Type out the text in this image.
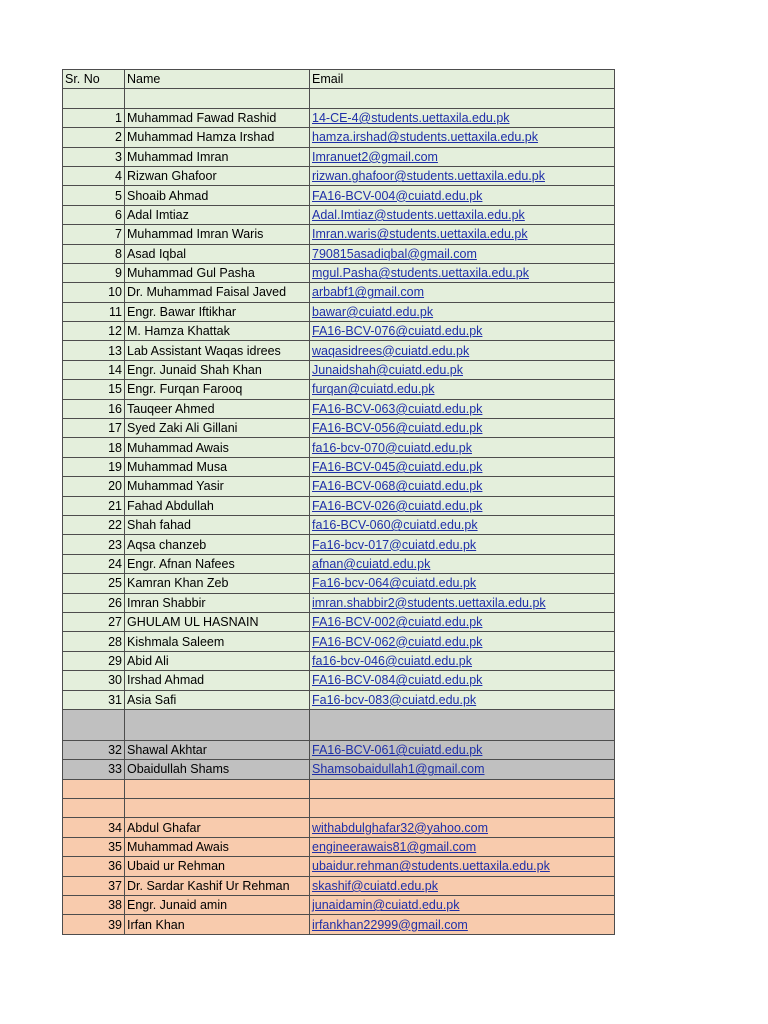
Sr. No	Name	Email

1	Muhammad Fawad Rashid	14-CE-4@students.uettaxila.edu.pk
2	Muhammad Hamza Irshad	hamza.irshad@students.uettaxila.edu.pk
3	Muhammad Imran	Imranuet2@gmail.com
4	Rizwan Ghafoor	rizwan.ghafoor@students.uettaxila.edu.pk
5	Shoaib Ahmad	FA16-BCV-004@cuiatd.edu.pk
6	Adal Imtiaz	Adal.Imtiaz@students.uettaxila.edu.pk
7	Muhammad Imran Waris	Imran.waris@students.uettaxila.edu.pk
8	Asad Iqbal	790815asadiqbal@gmail.com
9	Muhammad Gul Pasha	mgul.Pasha@students.uettaxila.edu.pk
10	Dr. Muhammad Faisal Javed	arbabf1@gmail.com
11	Engr. Bawar Iftikhar	bawar@cuiatd.edu.pk
12	M. Hamza Khattak	FA16-BCV-076@cuiatd.edu.pk
13	Lab Assistant Waqas idrees	waqasidrees@cuiatd.edu.pk
14	Engr. Junaid Shah Khan	Junaidshah@cuiatd.edu.pk
15	Engr. Furqan Farooq	furqan@cuiatd.edu.pk
16	Tauqeer Ahmed	FA16-BCV-063@cuiatd.edu.pk
17	Syed Zaki Ali Gillani	FA16-BCV-056@cuiatd.edu.pk
18	Muhammad Awais	fa16-bcv-070@cuiatd.edu.pk
19	Muhammad Musa	FA16-BCV-045@cuiatd.edu.pk
20	Muhammad Yasir	FA16-BCV-068@cuiatd.edu.pk
21	Fahad Abdullah	FA16-BCV-026@cuiatd.edu.pk
22	Shah fahad	fa16-BCV-060@cuiatd.edu.pk
23	Aqsa chanzeb	Fa16-bcv-017@cuiatd.edu.pk
24	Engr. Afnan Nafees	afnan@cuiatd.edu.pk
25	Kamran Khan Zeb	Fa16-bcv-064@cuiatd.edu.pk
26	Imran Shabbir	imran.shabbir2@students.uettaxila.edu.pk
27	GHULAM UL HASNAIN	FA16-BCV-002@cuiatd.edu.pk
28	Kishmala Saleem	FA16-BCV-062@cuiatd.edu.pk
29	Abid Ali	fa16-bcv-046@cuiatd.edu.pk
30	Irshad Ahmad	FA16-BCV-084@cuiatd.edu.pk
31	Asia Safi	Fa16-bcv-083@cuiatd.edu.pk

32	Shawal Akhtar	FA16-BCV-061@cuiatd.edu.pk
33	Obaidullah Shams	Shamsobaidullah1@gmail.com

34	Abdul Ghafar	withabdulghafar32@yahoo.com
35	Muhammad Awais	engineerawais81@gmail.com
36	Ubaid ur Rehman	ubaidur.rehman@students.uettaxila.edu.pk
37	Dr. Sardar Kashif Ur Rehman	skashif@cuiatd.edu.pk
38	Engr. Junaid amin	junaidamin@cuiatd.edu.pk
39	Irfan Khan	irfankhan22999@gmail.com
